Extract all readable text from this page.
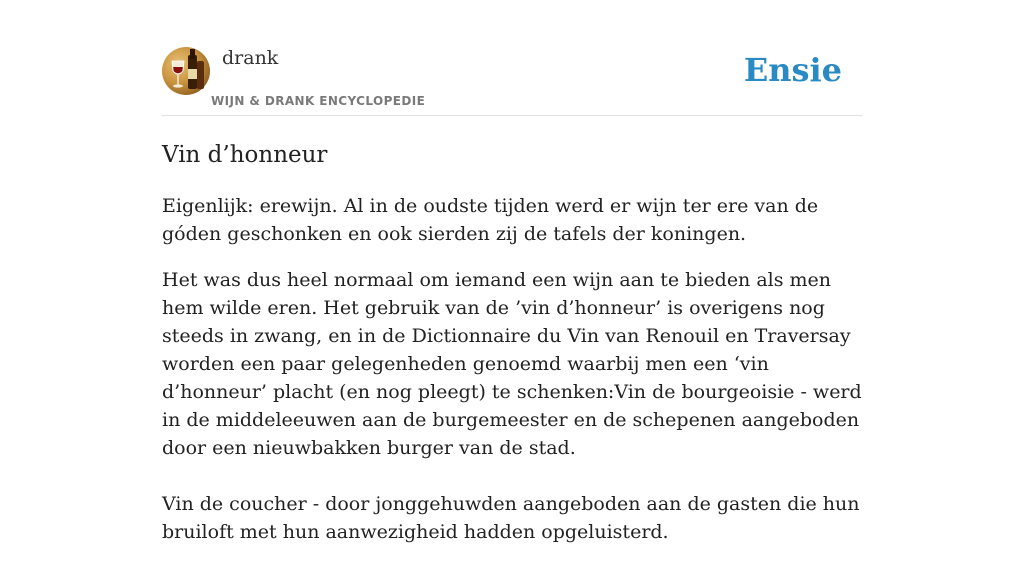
drank
WIJN & DRANK ENCYCLOPEDIE
Ensie
Vin d’honneur

Eigenlijk: erewijn. Al in de oudste tijden werd er wijn ter ere van de góden geschonken en ook sierden zij de tafels der koningen.

Het was dus heel normaal om iemand een wijn aan te bieden als men hem wilde eren. Het gebruik van de ’vin d’honneur’ is overigens nog steeds in zwang, en in de Dictionnaire du Vin van Renouil en Traversay worden een paar gelegenheden genoemd waarbij men een ‘vin d’honneur’ placht (en nog pleegt) te schenken:Vin de bourgeoisie - werd in de middeleeuwen aan de burgemeester en de schepenen aangeboden door een nieuwbakken burger van de stad.

Vin de coucher - door jonggehuwden aangeboden aan de gasten die hun bruiloft met hun aanwezigheid hadden opgeluisterd.
